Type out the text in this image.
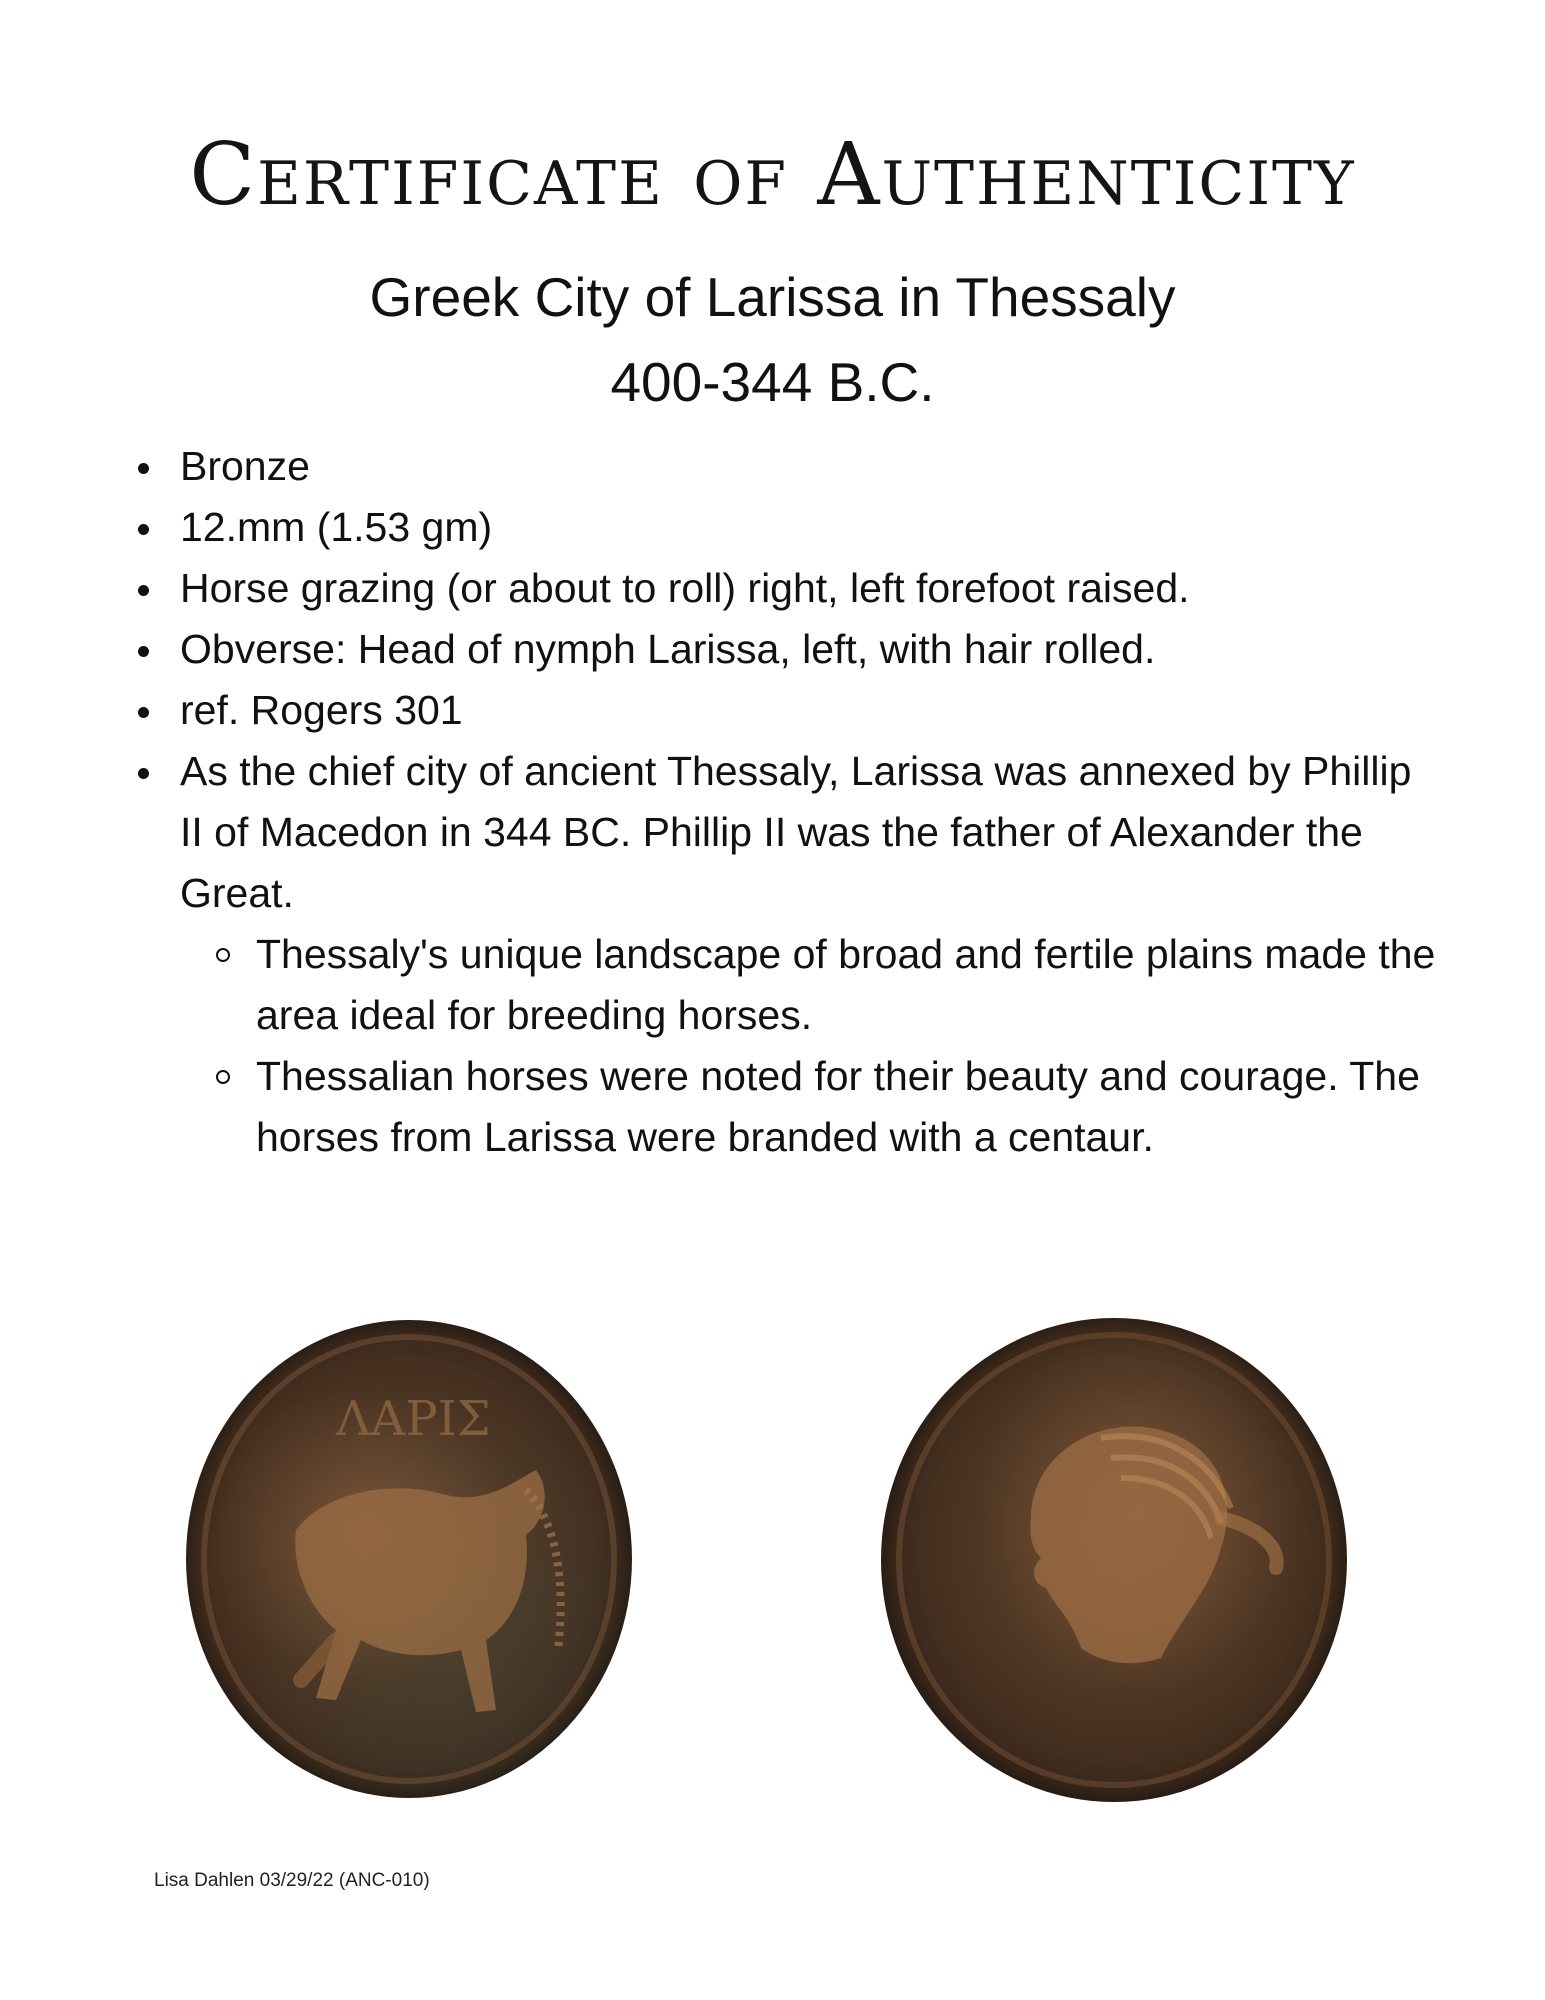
Certificate of Authenticity
Greek City of Larissa in Thessaly
400-344 B.C.
Bronze
12.mm (1.53 gm)
Horse grazing (or about to roll) right, left forefoot raised.
Obverse: Head of nymph Larissa, left, with hair rolled.
ref. Rogers 301
As the chief city of ancient Thessaly, Larissa was annexed by Phillip II of Macedon in 344 BC. Phillip II was the father of Alexander the Great.
Thessaly's unique landscape of broad and fertile plains made the area ideal for breeding horses.
Thessalian horses were noted for their beauty and courage. The horses from Larissa were branded with a centaur.
ΛΑΡΙΣ
Lisa Dahlen 03/29/22 (ANC-010)
